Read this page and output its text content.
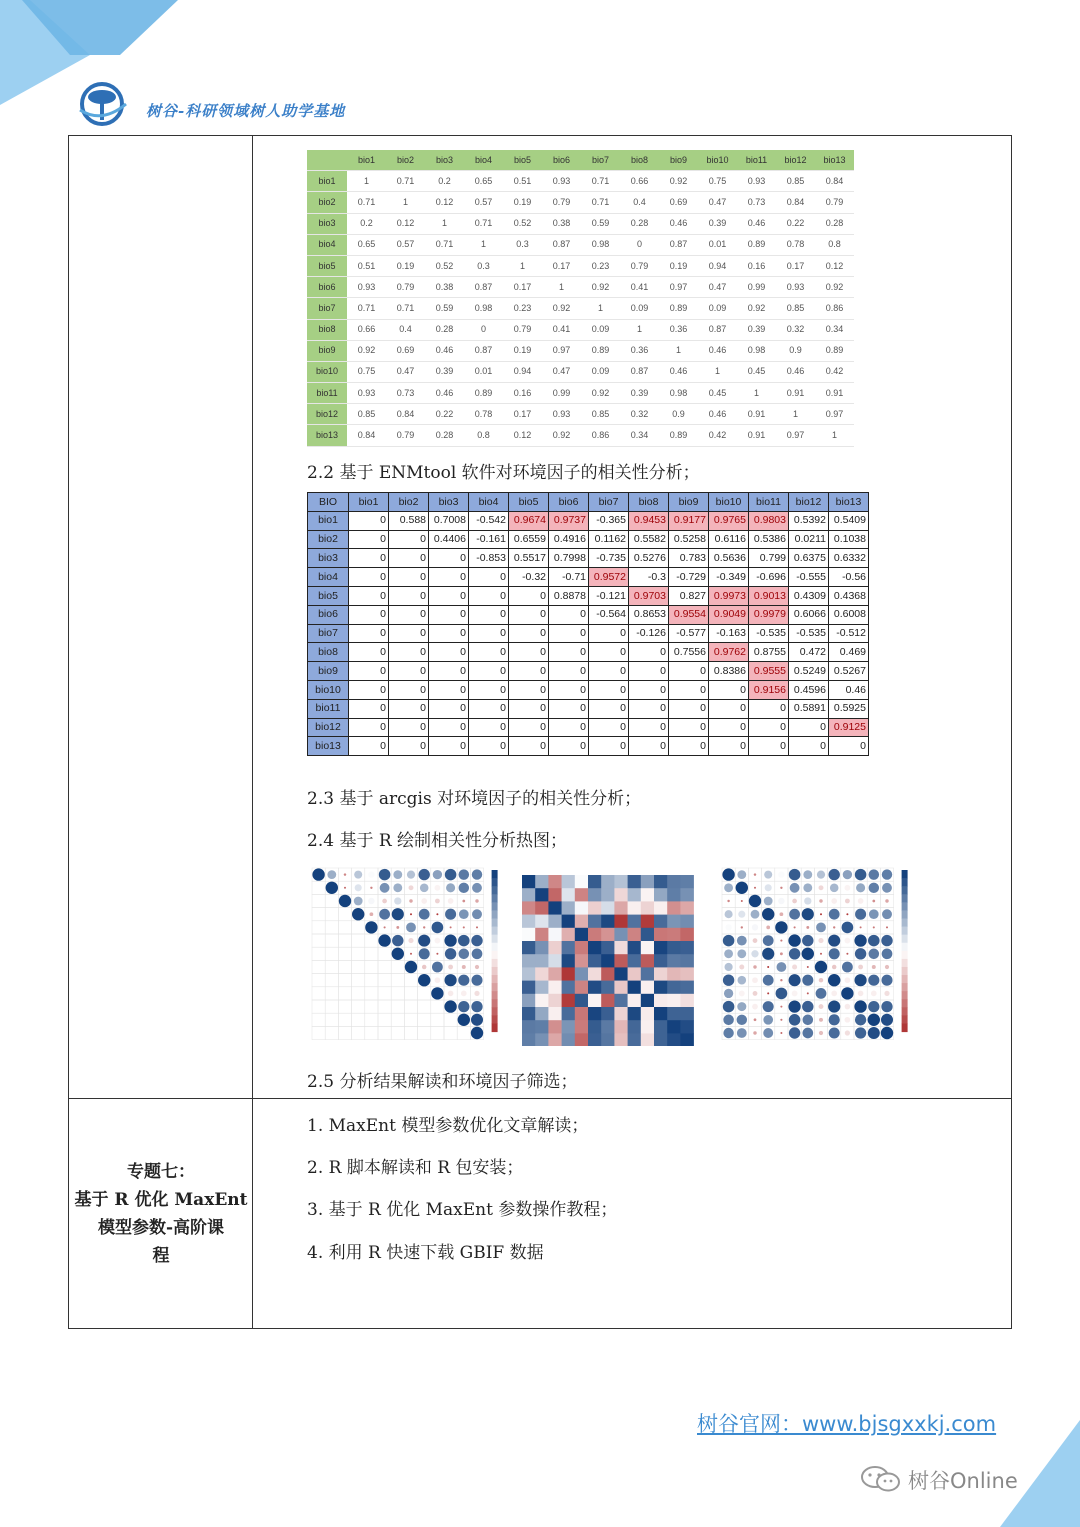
树谷-科研领域树人助学基地
	bio1	bio2	bio3	bio4	bio5	bio6	bio7	bio8	bio9	bio10	bio11	bio12	bio13
bio1	1	0.71	0.2	0.65	0.51	0.93	0.71	0.66	0.92	0.75	0.93	0.85	0.84
bio2	0.71	1	0.12	0.57	0.19	0.79	0.71	0.4	0.69	0.47	0.73	0.84	0.79
bio3	0.2	0.12	1	0.71	0.52	0.38	0.59	0.28	0.46	0.39	0.46	0.22	0.28
bio4	0.65	0.57	0.71	1	0.3	0.87	0.98	0	0.87	0.01	0.89	0.78	0.8
bio5	0.51	0.19	0.52	0.3	1	0.17	0.23	0.79	0.19	0.94	0.16	0.17	0.12
bio6	0.93	0.79	0.38	0.87	0.17	1	0.92	0.41	0.97	0.47	0.99	0.93	0.92
bio7	0.71	0.71	0.59	0.98	0.23	0.92	1	0.09	0.89	0.09	0.92	0.85	0.86
bio8	0.66	0.4	0.28	0	0.79	0.41	0.09	1	0.36	0.87	0.39	0.32	0.34
bio9	0.92	0.69	0.46	0.87	0.19	0.97	0.89	0.36	1	0.46	0.98	0.9	0.89
bio10	0.75	0.47	0.39	0.01	0.94	0.47	0.09	0.87	0.46	1	0.45	0.46	0.42
bio11	0.93	0.73	0.46	0.89	0.16	0.99	0.92	0.39	0.98	0.45	1	0.91	0.91
bio12	0.85	0.84	0.22	0.78	0.17	0.93	0.85	0.32	0.9	0.46	0.91	1	0.97
bio13	0.84	0.79	0.28	0.8	0.12	0.92	0.86	0.34	0.89	0.42	0.91	0.97	1
2.2 基于 ENMtool 软件对环境因子的相关性分析；
BIO	bio1	bio2	bio3	bio4	bio5	bio6	bio7	bio8	bio9	bio10	bio11	bio12	bio13
bio1	0	0.588	0.7008	-0.542	0.9674	0.9737	-0.365	0.9453	0.9177	0.9765	0.9803	0.5392	0.5409
bio2	0	0	0.4406	-0.161	0.6559	0.4916	0.1162	0.5582	0.5258	0.6116	0.5386	0.0211	0.1038
bio3	0	0	0	-0.853	0.5517	0.7998	-0.735	0.5276	0.783	0.5636	0.799	0.6375	0.6332
bio4	0	0	0	0	-0.32	-0.71	0.9572	-0.3	-0.729	-0.349	-0.696	-0.555	-0.56
bio5	0	0	0	0	0	0.8878	-0.121	0.9703	0.827	0.9973	0.9013	0.4309	0.4368
bio6	0	0	0	0	0	0	-0.564	0.8653	0.9554	0.9049	0.9979	0.6066	0.6008
bio7	0	0	0	0	0	0	0	-0.126	-0.577	-0.163	-0.535	-0.535	-0.512
bio8	0	0	0	0	0	0	0	0	0.7556	0.9762	0.8755	0.472	0.469
bio9	0	0	0	0	0	0	0	0	0	0.8386	0.9555	0.5249	0.5267
bio10	0	0	0	0	0	0	0	0	0	0	0.9156	0.4596	0.46
bio11	0	0	0	0	0	0	0	0	0	0	0	0.5891	0.5925
bio12	0	0	0	0	0	0	0	0	0	0	0	0	0.9125
bio13	0	0	0	0	0	0	0	0	0	0	0	0	0
2.3 基于 arcgis 对环境因子的相关性分析；
2.4 基于 R 绘制相关性分析热图；
2.5 分析结果解读和环境因子筛选；
专题七：
基于 R 优化 MaxEnt
模型参数-高阶课
程
1. MaxEnt 模型参数优化文章解读；
2. R 脚本解读和 R 包安装；
3. 基于 R 优化 MaxEnt 参数操作教程；
4. 利用 R 快速下载 GBIF 数据
树谷官网：www.bjsgxxkj.com
树谷Online
